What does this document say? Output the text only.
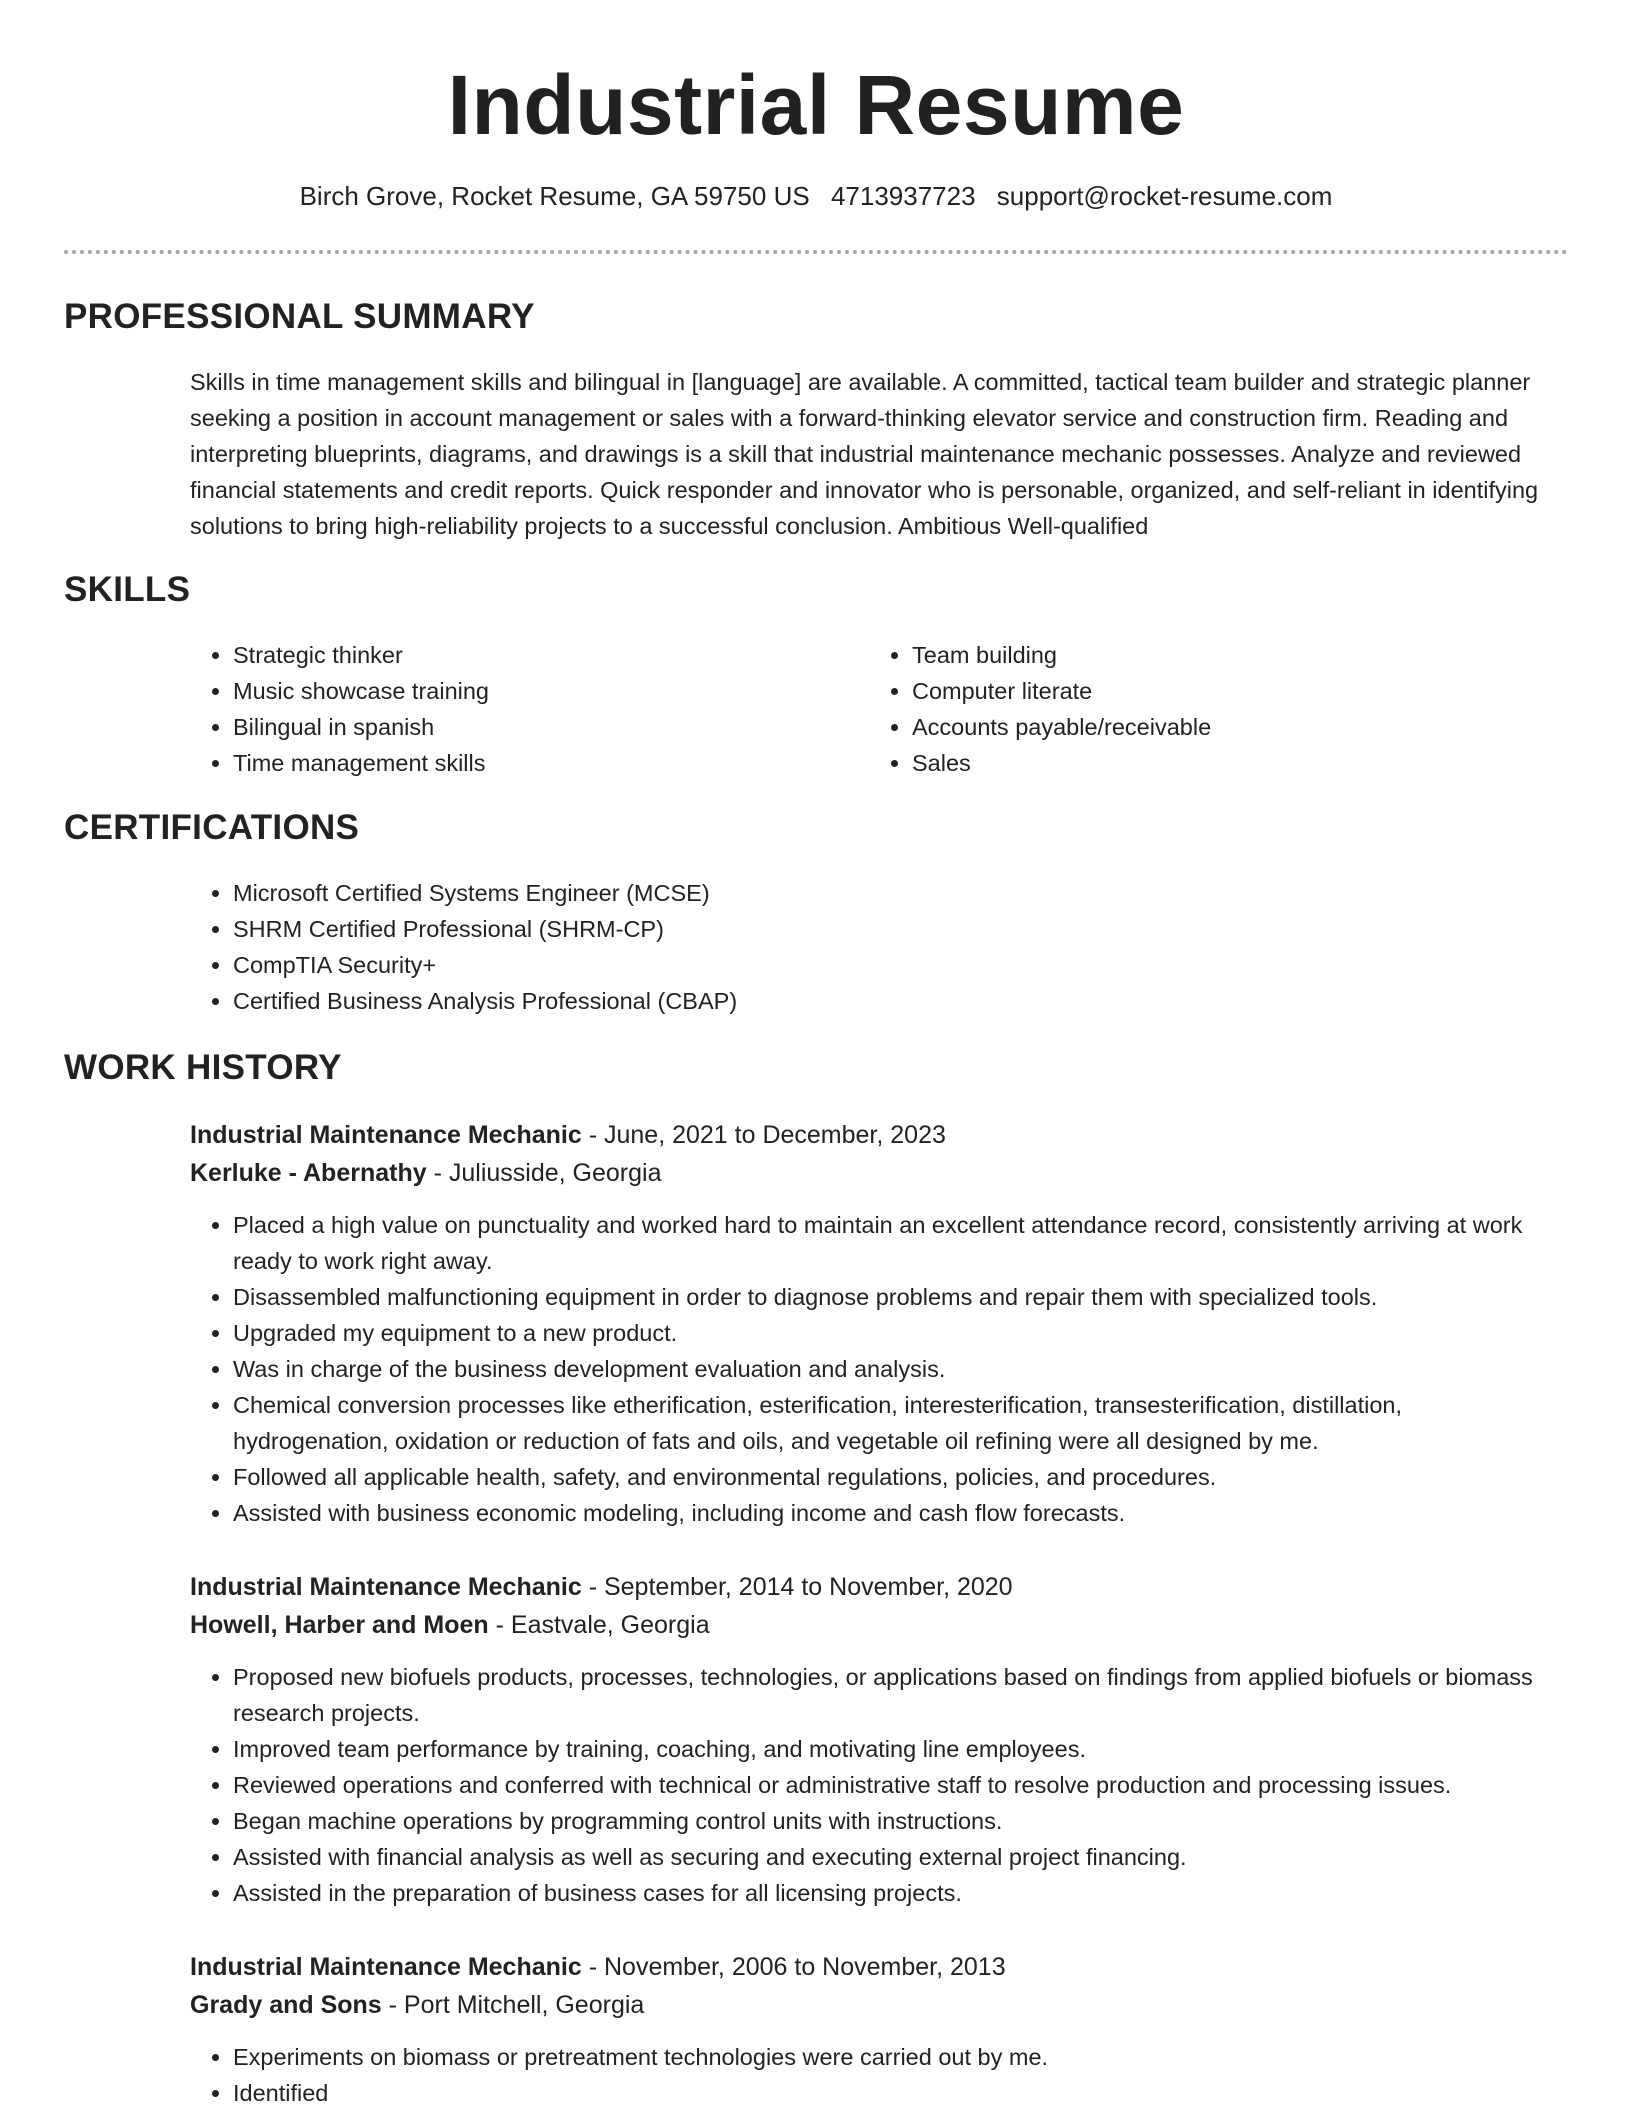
Industrial Resume
Birch Grove, Rocket Resume, GA 59750 US 4713937723 support@rocket-resume.com
PROFESSIONAL SUMMARY

Skills in time management skills and bilingual in [language] are available. A committed, tactical team builder and strategic planner seeking a position in account management or sales with a forward-thinking elevator service and construction firm. Reading and interpreting blueprints, diagrams, and drawings is a skill that industrial maintenance mechanic possesses. Analyze and reviewed financial statements and credit reports. Quick responder and innovator who is personable, organized, and self-reliant in identifying solutions to bring high-reliability projects to a successful conclusion. Ambitious Well-qualified

SKILLS
• Strategic thinker
• Music showcase training
• Bilingual in spanish
• Time management skills
• Team building
• Computer literate
• Accounts payable/receivable
• Sales
CERTIFICATIONS
• Microsoft Certified Systems Engineer (MCSE)
• SHRM Certified Professional (SHRM-CP)
• CompTIA Security+
• Certified Business Analysis Professional (CBAP)
WORK HISTORY
Industrial Maintenance Mechanic - June, 2021 to December, 2023
Kerluke - Abernathy - Juliusside, Georgia
• Placed a high value on punctuality and worked hard to maintain an excellent attendance record, consistently arriving at work ready to work right away.
• Disassembled malfunctioning equipment in order to diagnose problems and repair them with specialized tools.
• Upgraded my equipment to a new product.
• Was in charge of the business development evaluation and analysis.
• Chemical conversion processes like etherification, esterification, interesterification, transesterification, distillation, hydrogenation, oxidation or reduction of fats and oils, and vegetable oil refining were all designed by me.
• Followed all applicable health, safety, and environmental regulations, policies, and procedures.
• Assisted with business economic modeling, including income and cash flow forecasts.
Industrial Maintenance Mechanic - September, 2014 to November, 2020
Howell, Harber and Moen - Eastvale, Georgia
• Proposed new biofuels products, processes, technologies, or applications based on findings from applied biofuels or biomass research projects.
• Improved team performance by training, coaching, and motivating line employees.
• Reviewed operations and conferred with technical or administrative staff to resolve production and processing issues.
• Began machine operations by programming control units with instructions.
• Assisted with financial analysis as well as securing and executing external project financing.
• Assisted in the preparation of business cases for all licensing projects.
Industrial Maintenance Mechanic - November, 2006 to November, 2013
Grady and Sons - Port Mitchell, Georgia
• Experiments on biomass or pretreatment technologies were carried out by me.
• Identified
